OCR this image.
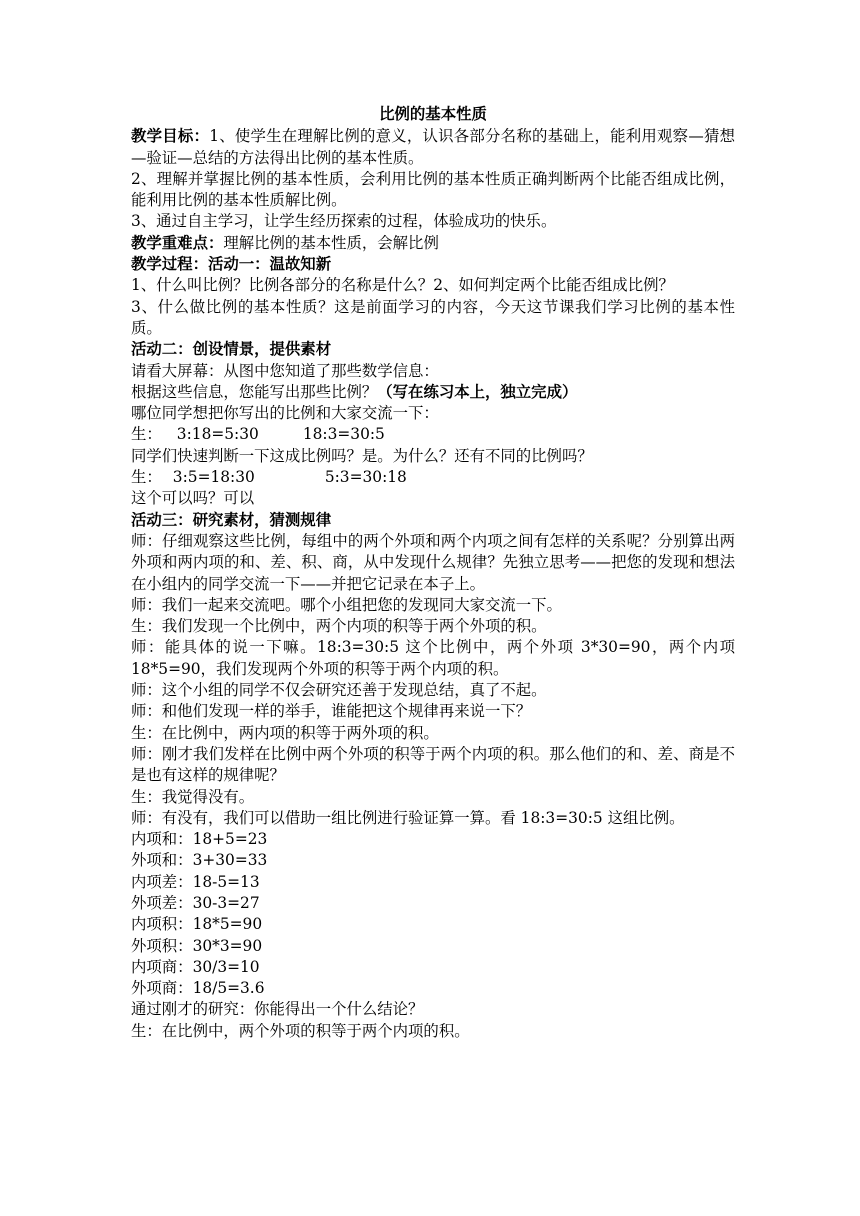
比例的基本性质

教学目标：1、使学生在理解比例的意义，认识各部分名称的基础上，能利用观察—猜想—验证—总结的方法得出比例的基本性质。

2、理解并掌握比例的基本性质，会利用比例的基本性质正确判断两个比能否组成比例，能利用比例的基本性质解比例。

3、通过自主学习，让学生经历探索的过程，体验成功的快乐。

教学重难点：理解比例的基本性质，会解比例

教学过程：活动一：温故知新

1、什么叫比例？比例各部分的名称是什么？2、如何判定两个比能否组成比例？

3、什么做比例的基本性质？这是前面学习的内容，今天这节课我们学习比例的基本性质。

活动二：创设情景，提供素材

请看大屏幕：从图中您知道了那些数学信息：

根据这些信息，您能写出那些比例？（写在练习本上，独立完成）

哪位同学想把你写出的比例和大家交流一下：

生： 3:18=5:30	18:3=30:5

同学们快速判断一下这成比例吗？是。为什么？还有不同的比例吗？

生： 3:5=18:30	5:3=30:18

这个可以吗？可以

活动三：研究素材，猜测规律

师：仔细观察这些比例，每组中的两个外项和两个内项之间有怎样的关系呢？分别算出两外项和两内项的和、差、积、商，从中发现什么规律？先独立思考——把您的发现和想法在小组内的同学交流一下——并把它记录在本子上。

师：我们一起来交流吧。哪个小组把您的发现同大家交流一下。

生：我们发现一个比例中，两个内项的积等于两个外项的积。

师：能具体的说一下嘛。18:3=30:5 这个比例中，两个外项 3*30=90，两个内项 18*5=90，我们发现两个外项的积等于两个内项的积。

师：这个小组的同学不仅会研究还善于发现总结，真了不起。

师：和他们发现一样的举手，谁能把这个规律再来说一下？

生：在比例中，两内项的积等于两外项的积。

师：刚才我们发样在比例中两个外项的积等于两个内项的积。那么他们的和、差、商是不是也有这样的规律呢？

生：我觉得没有。

师：有没有，我们可以借助一组比例进行验证算一算。看 18:3=30:5 这组比例。

内项和：18+5=23

外项和：3+30=33

内项差：18-5=13

外项差：30-3=27

内项积：18*5=90

外项积：30*3=90

内项商：30/3=10

外项商：18/5=3.6

通过刚才的研究：你能得出一个什么结论？

生：在比例中，两个外项的积等于两个内项的积。
